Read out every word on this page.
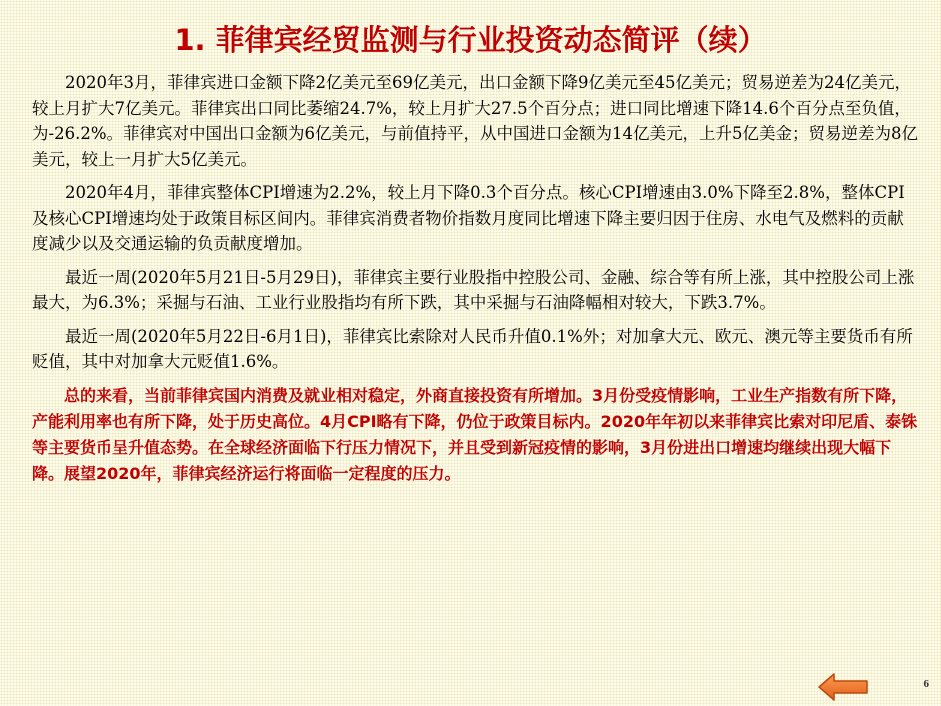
1. 菲律宾经贸监测与行业投资动态简评（续）

2020年3月，菲律宾进口金额下降2亿美元至69亿美元，出口金额下降9亿美元至45亿美元；贸易逆差为24亿美元，较上月扩大7亿美元。菲律宾出口同比萎缩24.7%，较上月扩大27.5个百分点；进口同比增速下降14.6个百分点至负值，为-26.2%。菲律宾对中国出口金额为6亿美元，与前值持平，从中国进口金额为14亿美元，上升5亿美金；贸易逆差为8亿美元，较上一月扩大5亿美元。

2020年4月，菲律宾整体CPI增速为2.2%，较上月下降0.3个百分点。核心CPI增速由3.0%下降至2.8%，整体CPI及核心CPI增速均处于政策目标区间内。菲律宾消费者物价指数月度同比增速下降主要归因于住房、水电气及燃料的贡献度减少以及交通运输的负贡献度增加。

最近一周(2020年5月21日-5月29日)，菲律宾主要行业股指中控股公司、金融、综合等有所上涨，其中控股公司上涨最大，为6.3%；采掘与石油、工业行业股指均有所下跌，其中采掘与石油降幅相对较大，下跌3.7%。

最近一周(2020年5月22日-6月1日)，菲律宾比索除对人民币升值0.1%外；对加拿大元、欧元、澳元等主要货币有所贬值，其中对加拿大元贬值1.6%。

总的来看，当前菲律宾国内消费及就业相对稳定，外商直接投资有所增加。3月份受疫情影响，工业生产指数有所下降，产能利用率也有所下降，处于历史高位。4月CPI略有下降，仍位于政策目标内。2020年年初以来菲律宾比索对印尼盾、泰铢等主要货币呈升值态势。在全球经济面临下行压力情况下，并且受到新冠疫情的影响，3月份进出口增速均继续出现大幅下降。展望2020年，菲律宾经济运行将面临一定程度的压力。

6
